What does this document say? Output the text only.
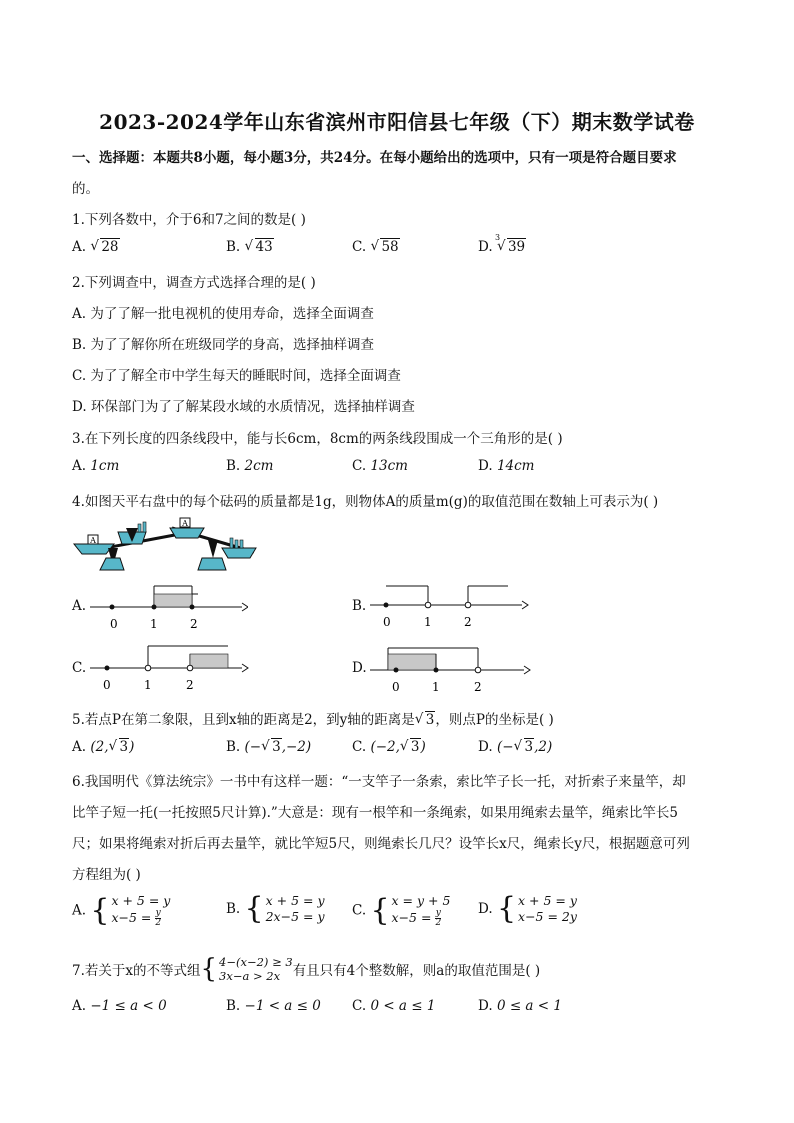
2023-2024学年山东省滨州市阳信县七年级（下）期末数学试卷
一、选择题：本题共8小题，每小题3分，共24分。在每小题给出的选项中，只有一项是符合题目要求
的。
1.下列各数中，介于6和7之间的数是( )
A. √ 28	B. √ 43	C. √ 58	D.
√ 3
39
2.下列调查中，调查方式选择合理的是( )
A. 为了了解一批电视机的使用寿命，选择全面调查
B. 为了了解你所在班级同学的身高，选择抽样调查
C. 为了了解全市中学生每天的睡眠时间，选择全面调查
D. 环保部门为了了解某段水域的水质情况，选择抽样调查
3.在下列长度的四条线段中，能与长6cm，8cm的两条线段围成一个三角形的是( )
A. 1cm	B. 2cm	C. 13cm	D. 14cm
4.如图天平右盘中的每个砝码的质量都是1g，则物体A的质量m(g)的取值范围在数轴上可表示为( )
A
A
A.
0	1	2
B.
0	1	2
C.
0	1	2
D.
0	1	2
5.若点P在第二象限，且到x轴的距离是2，到y轴的距离是 √ 3，则点P的坐标是( )
A. (2, √ 3)	B. (− √ 3,−2)	C. (−2, √ 3)	D. (− √ 3,2)
6.我国明代《算法统宗》一书中有这样一题：“一支竿子一条索，索比竿子长一托，对折索子来量竿，却
比竿子短一托(一托按照5尺计算).”大意是：现有一根竿和一条绳索，如果用绳索去量竿，绳索比竿长5
尺；如果将绳索对折后再去量竿，就比竿短5尺，则绳索长几尺？设竿长x尺，绳索长y尺，根据题意可列
方程组为( )
A. { x + 5 = y
$x-5 = \frac{y}{2}$	B. { x + 5 = y
2x−5 = y C. { x = y + 5
$x-5 = \frac{y}{2}$	D. { x + 5 = y
x−5 = 2y
7.若关于x的不等式组 { 4−(x−2) ≥ 3
3x−a > 2x 有且只有4个整数解，则a的取值范围是( )
A. −1 ≤ a < 0	B. −1 < a ≤ 0 C. 0 < a ≤ 1	D. 0 ≤ a < 1
